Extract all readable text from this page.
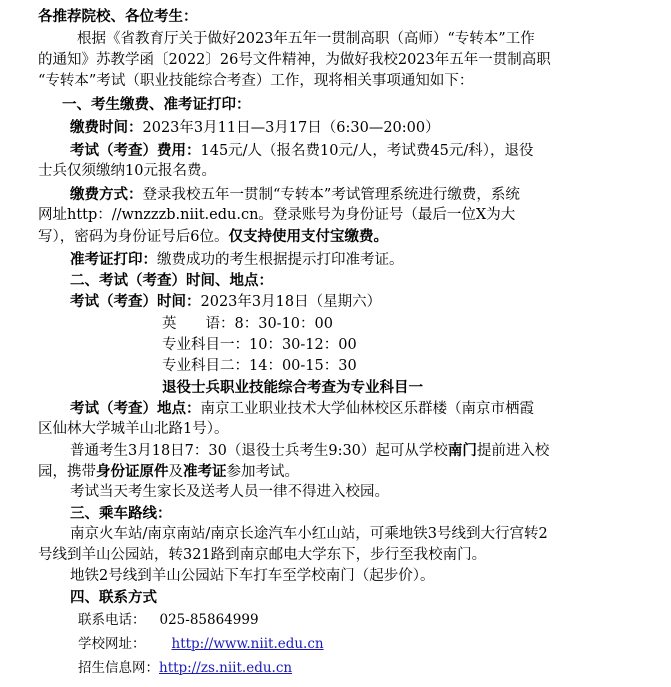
各推荐院校、各位考生：
根据《省教育厅关于做好2023年五年一贯制高职（高师）“专转本”工作
的通知》苏教学函〔2022〕26号文件精神，为做好我校2023年五年一贯制高职
“专转本”考试（职业技能综合考查）工作，现将相关事项通知如下：
一、考生缴费、准考证打印：
缴费时间：2023年3月11日—3月17日（6:30—20:00）
考试（考查）费用：145元/人（报名费10元/人，考试费45元/科），退役
士兵仅须缴纳10元报名费。
缴费方式：登录我校五年一贯制“专转本”考试管理系统进行缴费，系统
网址http：//wnzzzb.niit.edu.cn。登录账号为身份证号（最后一位X为大
写），密码为身份证号后6位。仅支持使用支付宝缴费。
准考证打印：缴费成功的考生根据提示打印准考证。
二、考试（考查）时间、地点：
考试（考查）时间：2023年3月18日（星期六）
英　　语：8：30-10：00
专业科目一：10：30-12：00
专业科目二：14：00-15：30
退役士兵职业技能综合考查为专业科目一
考试（考查）地点：南京工业职业技术大学仙林校区乐群楼（南京市栖霞
区仙林大学城羊山北路1号）。
普通考生3月18日7：30（退役士兵考生9:30）起可从学校南门提前进入校
园，携带身份证原件及准考证参加考试。
考试当天考生家长及送考人员一律不得进入校园。
三、乘车路线：
南京火车站/南京南站/南京长途汽车小红山站，可乘地铁3号线到大行宫转2
号线到羊山公园站，转321路到南京邮电大学东下，步行至我校南门。
地铁2号线到羊山公园站下车打车至学校南门（起步价）。
四、联系方式
联系电话： 025-85864999
学校网址： http://www.niit.edu.cn
招生信息网：http://zs.niit.edu.cn
